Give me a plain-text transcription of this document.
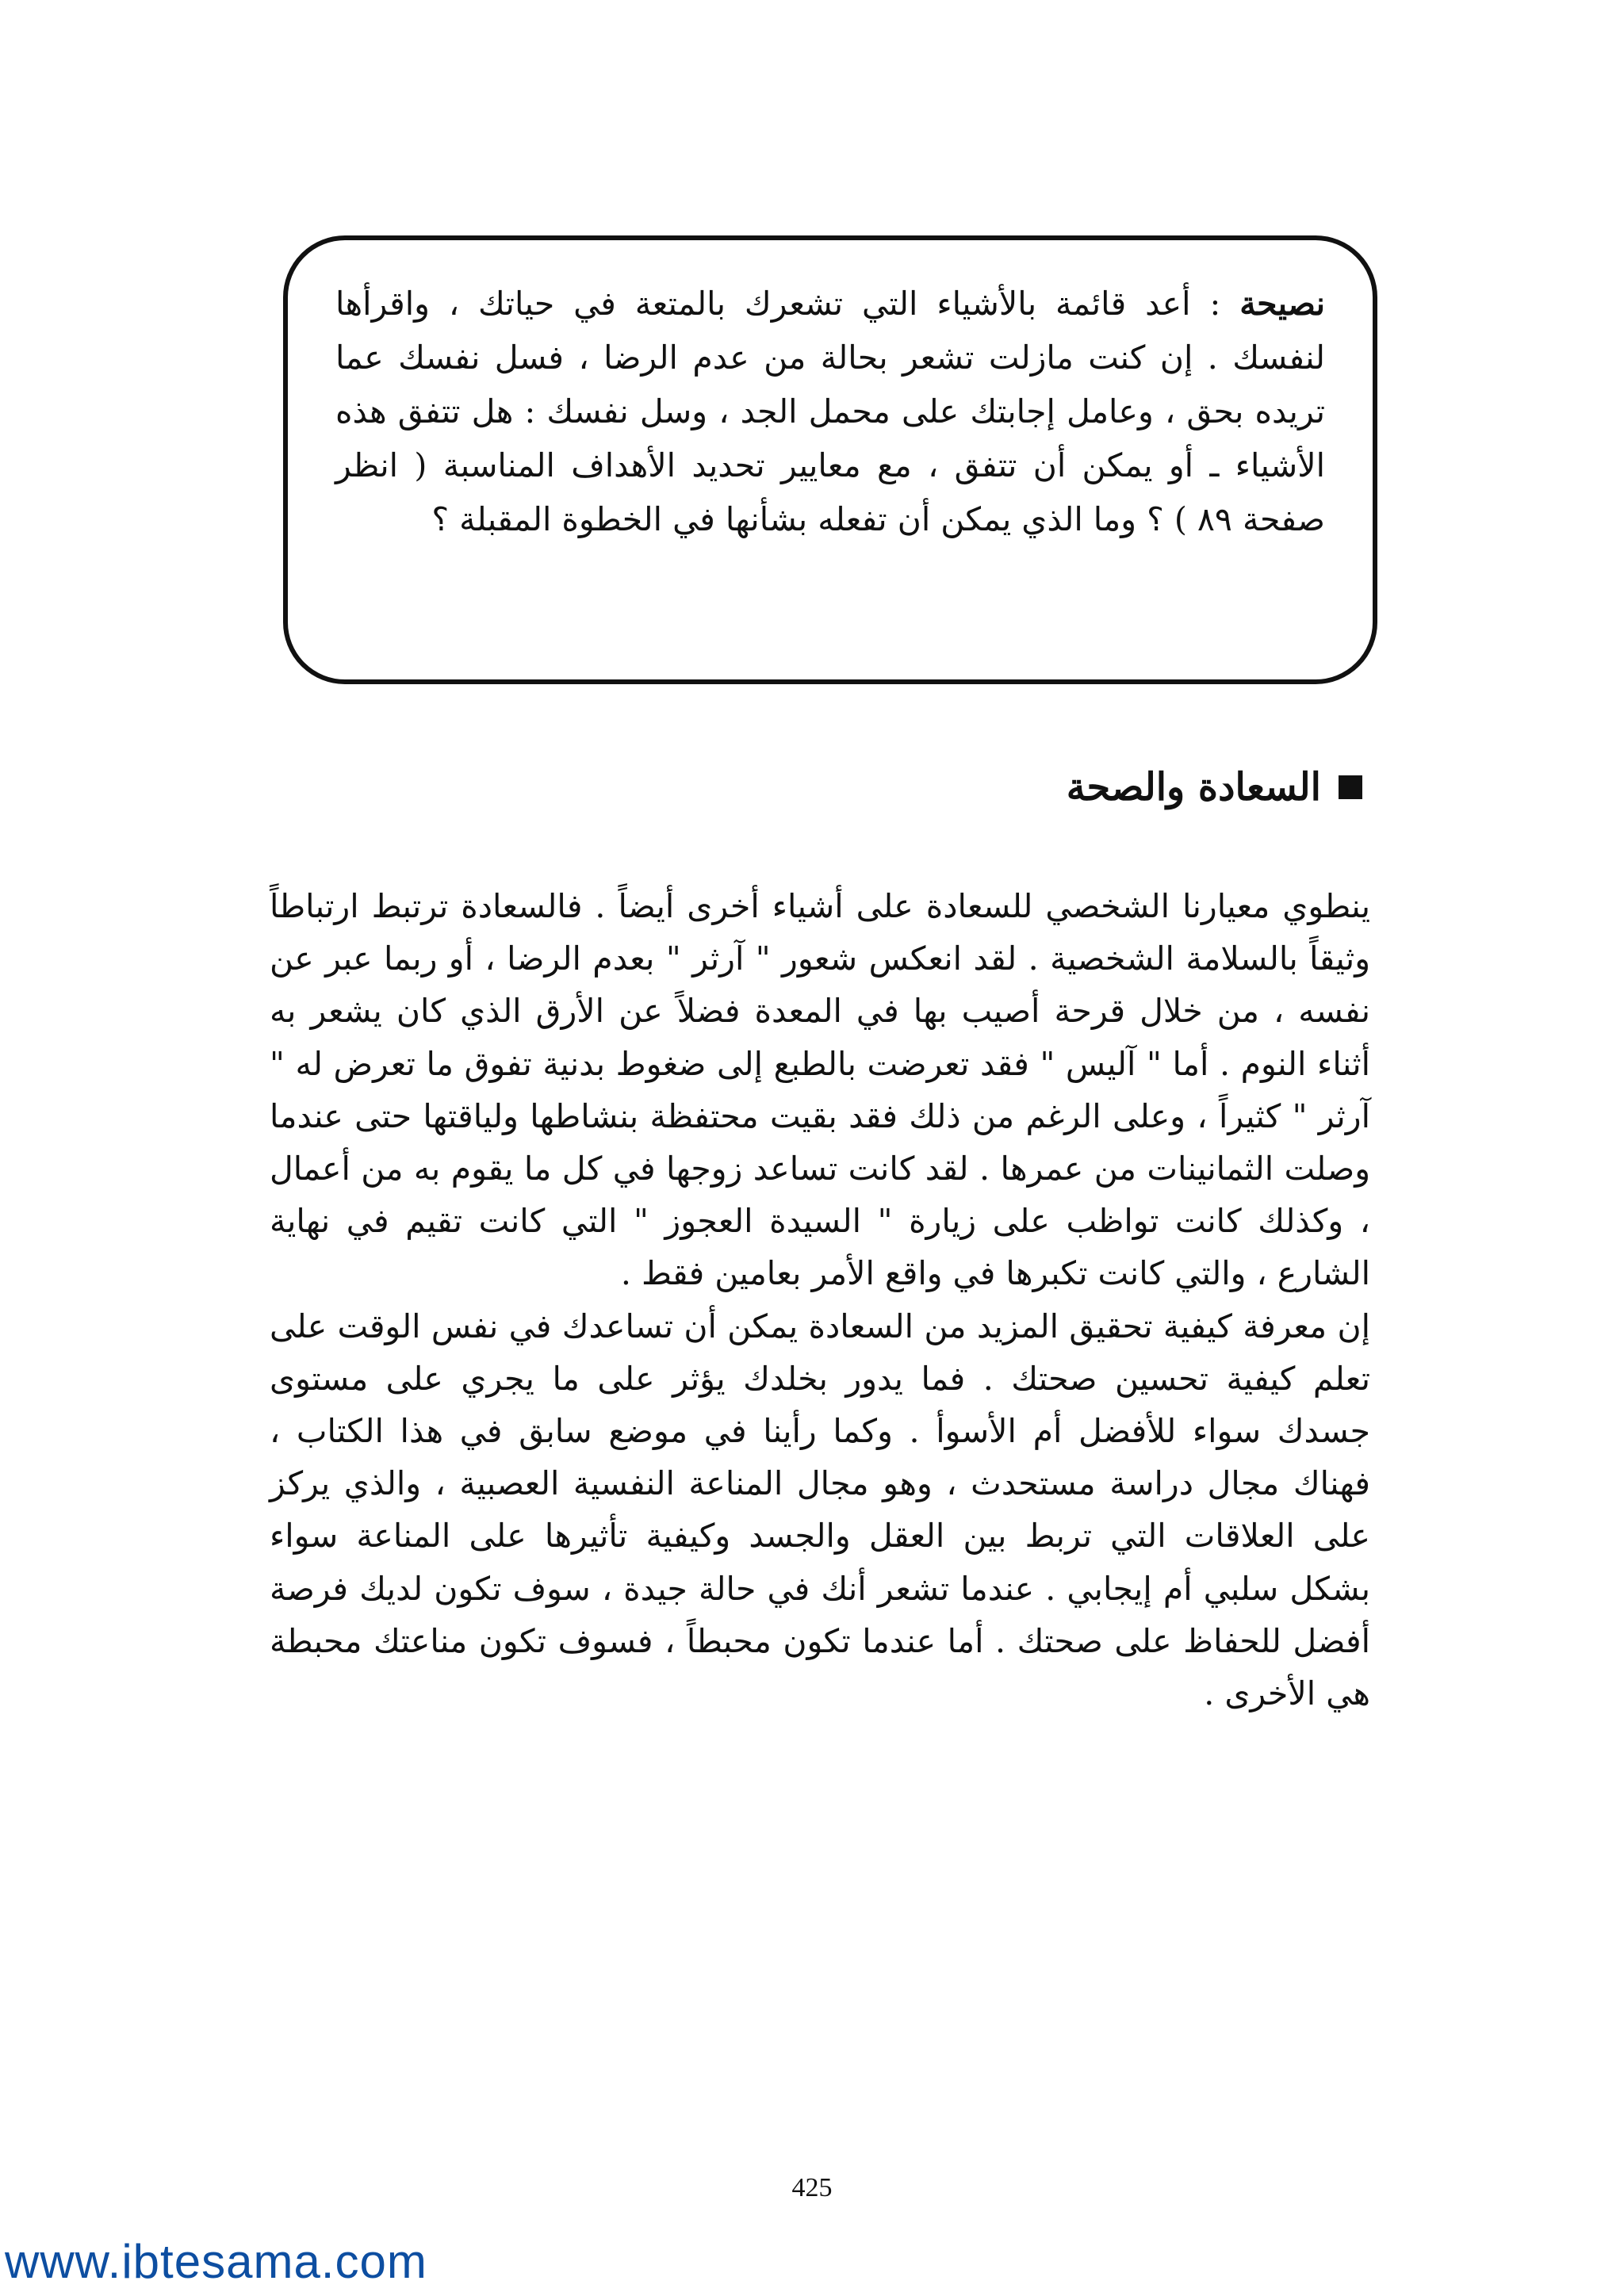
نصيحة : أعد قائمة بالأشياء التي تشعرك بالمتعة في حياتك ، واقرأها لنفسك . إن كنت مازلت تشعر بحالة من عدم الرضا ، فسل نفسك عما تريده بحق ، وعامل إجابتك على محمل الجد ، وسل نفسك : هل تتفق هذه الأشياء ـ أو يمكن أن تتفق ، مع معايير تحديد الأهداف المناسبة ( انظر صفحة ٨٩ ) ؟ وما الذي يمكن أن تفعله بشأنها في الخطوة المقبلة ؟
السعادة والصحة

ينطوي معيارنا الشخصي للسعادة على أشياء أخرى أيضاً . فالسعادة ترتبط ارتباطاً وثيقاً بالسلامة الشخصية . لقد انعكس شعور " آرثر " بعدم الرضا ، أو ربما عبر عن نفسه ، من خلال قرحة أصيب بها في المعدة فضلاً عن الأرق الذي كان يشعر به أثناء النوم . أما " آليس " فقد تعرضت بالطبع إلى ضغوط بدنية تفوق ما تعرض له " آرثر " كثيراً ، وعلى الرغم من ذلك فقد بقيت محتفظة بنشاطها ولياقتها حتى عندما وصلت الثمانينات من عمرها . لقد كانت تساعد زوجها في كل ما يقوم به من أعمال ، وكذلك كانت تواظب على زيارة " السيدة العجوز " التي كانت تقيم في نهاية الشارع ، والتي كانت تكبرها في واقع الأمر بعامين فقط .

إن معرفة كيفية تحقيق المزيد من السعادة يمكن أن تساعدك في نفس الوقت على تعلم كيفية تحسين صحتك . فما يدور بخلدك يؤثر على ما يجري على مستوى جسدك سواء للأفضل أم الأسوأ . وكما رأينا في موضع سابق في هذا الكتاب ، فهناك مجال دراسة مستحدث ، وهو مجال المناعة النفسية العصبية ، والذي يركز على العلاقات التي تربط بين العقل والجسد وكيفية تأثيرها على المناعة سواء بشكل سلبي أم إيجابي . عندما تشعر أنك في حالة جيدة ، سوف تكون لديك فرصة أفضل للحفاظ على صحتك . أما عندما تكون محبطاً ، فسوف تكون مناعتك محبطة هي الأخرى .

425
www.ibtesama.com
